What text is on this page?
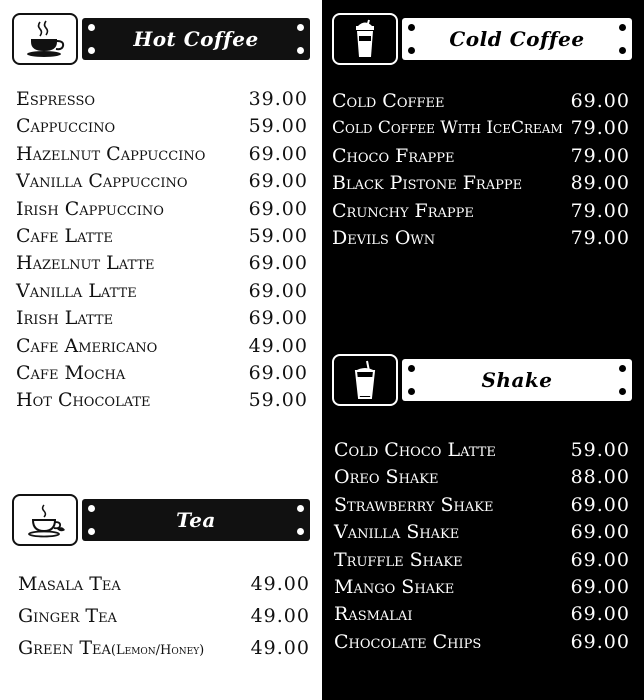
Hot Coffee
Espresso	39.00
Cappuccino	59.00
Hazelnut Cappuccino 69.00
Vanilla Cappuccino	69.00
Irish Cappuccino	69.00
Cafe Latte	59.00
Hazelnut Latte	69.00
Vanilla Latte	69.00
Irish Latte	69.00
Cafe Americano	49.00
Cafe Mocha	69.00
Hot Chocolate	59.00
Tea
Masala Tea	49.00
Ginger Tea	49.00
Green Tea(Lemon/Honey) 49.00
Cold Coffee
Cold Coffee	69.00
Cold Coffee With IceCream 79.00
Choco Frappe	79.00
Black Pistone Frappe	89.00
Crunchy Frappe	79.00
Devils Own	79.00
Shake
Cold Choco Latte	59.00
Oreo Shake	88.00
Strawberry Shake	69.00
Vanilla Shake	69.00
Truffle Shake	69.00
Mango Shake	69.00
Rasmalai	69.00
Chocolate Chips	69.00
